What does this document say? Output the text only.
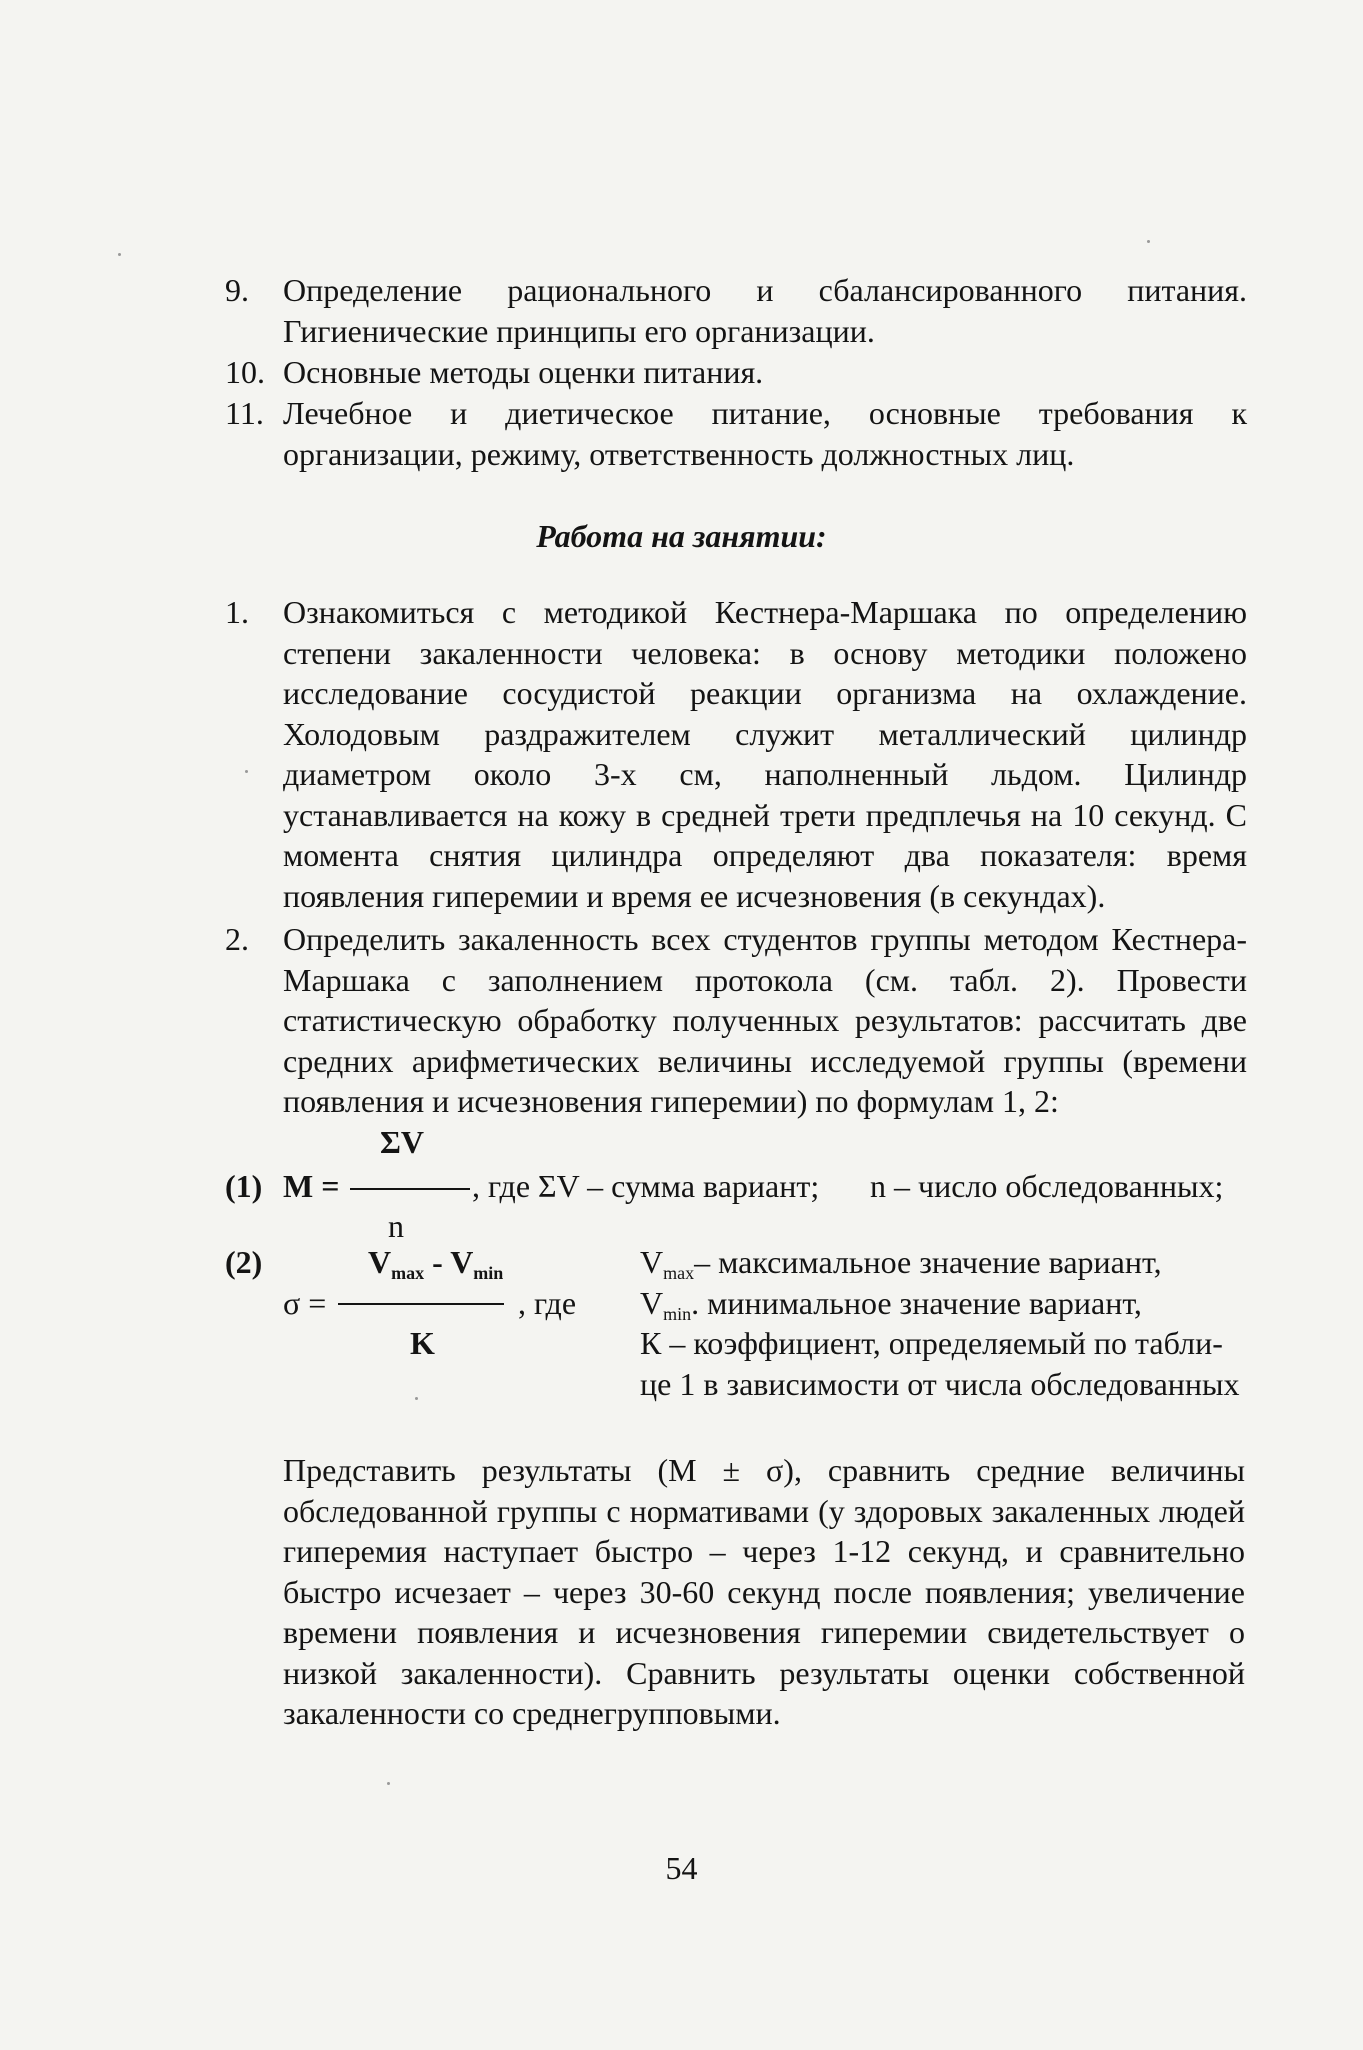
9. Определение рационального и сбалансированного питания. Гигиенические принципы его организации.
10. Основные методы оценки питания.
11. Лечебное и диетическое питание, основные требования к организации, режиму, ответственность должностных лиц.
Работа на занятии:
1. Ознакомиться с методикой Кестнера-Маршака по определению степени закаленности человека: в основу методики положено исследование сосудистой реакции организма на охлаждение. Холодовым раздражителем служит металлический цилиндр диаметром около 3-х см, наполненный льдом. Цилиндр устанавливается на кожу в средней трети предплечья на 10 секунд. С момента снятия цилиндра определяют два показателя: время появления гиперемии и время ее исчезновения (в секундах).
2. Определить закаленность всех студентов группы методом Кестнера-Маршака с заполнением протокола (см. табл. 2). Провести статистическую обработку полученных результатов: рассчитать две средних арифметических величины исследуемой группы (времени появления и исчезновения гиперемии) по формулам 1, 2:
ΣV
(1) M =	, где ΣV – сумма вариант; n – число обследованных;
n
(2)	$V_{max} - V_{min}$
σ =	, где
K
$V_{max}-$ максимальное значение вариант,
$V_{min}$. минимальное значение вариант,
К – коэффициент, определяемый по табли-
це 1 в зависимости от числа обследованных
Представить результаты (М ± σ), сравнить средние величины обследованной группы с нормативами (у здоровых закаленных людей гиперемия наступает быстро – через 1-12 секунд, и сравнительно быстро исчезает – через 30-60 секунд после появления; увеличение времени появления и исчезновения гиперемии свидетельствует о низкой закаленности). Сравнить результаты оценки собственной закаленности со среднегрупповыми.
54
